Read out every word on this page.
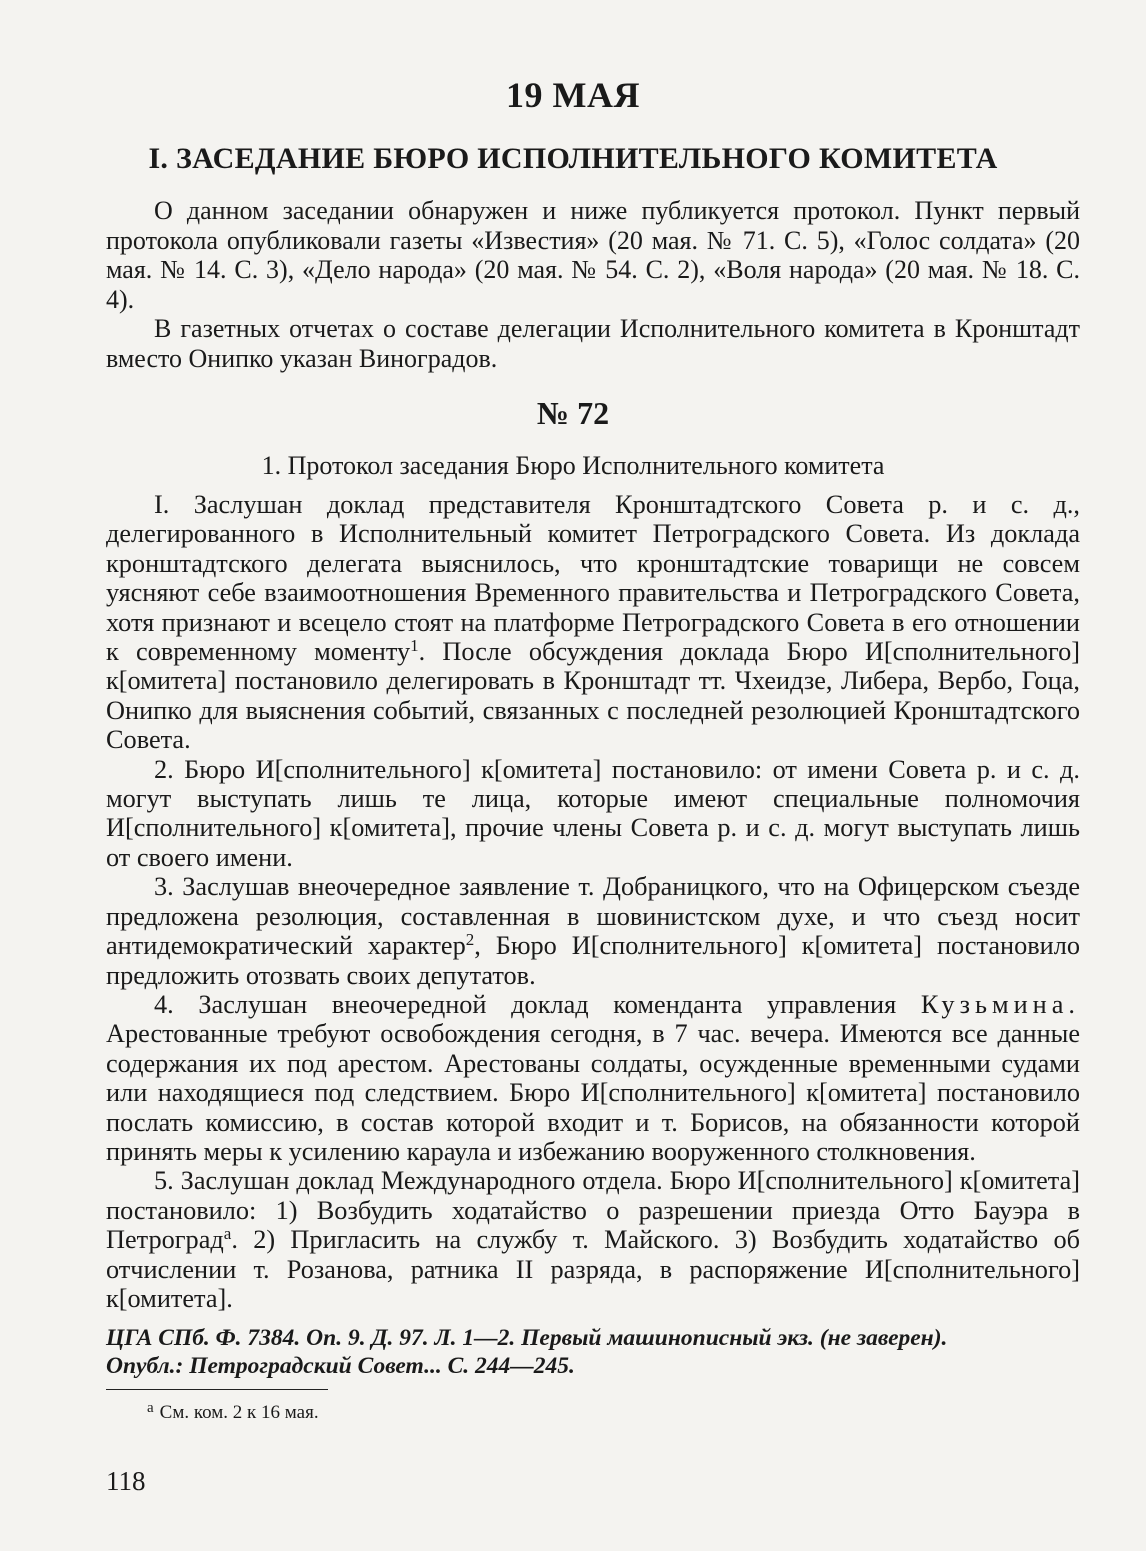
19 МАЯ
I. ЗАСЕДАНИЕ БЮРО ИСПОЛНИТЕЛЬНОГО КОМИТЕТА

О данном заседании обнаружен и ниже публикуется протокол. Пункт первый протокола опубликовали газеты «Известия» (20 мая. № 71. С. 5), «Голос солдата» (20 мая. № 14. С. 3), «Дело народа» (20 мая. № 54. С. 2), «Воля народа» (20 мая. № 18. С. 4).

В газетных отчетах о составе делегации Исполнительного комитета в Кронштадт вместо Онипко указан Виноградов.

№ 72
1. Протокол заседания Бюро Исполнительного комитета

I. Заслушан доклад представителя Кронштадтского Совета р. и с. д., делегированного в Исполнительный комитет Петроградского Совета. Из доклада кронштадтского делегата выяснилось, что кронштадтские товарищи не совсем уясняют себе взаимоотношения Временного правительства и Петроградского Совета, хотя признают и всецело стоят на платформе Петроградского Совета в его отношении к современному моменту$^1$. После обсуждения доклада Бюро И[сполнительного] к[омитета] постановило делегировать в Кронштадт тт. Чхеидзе, Либера, Вербо, Гоца, Онипко для выяснения событий, связанных с последней резолюцией Кронштадтского Совета.

2. Бюро И[сполнительного] к[омитета] постановило: от имени Совета р. и с. д. могут выступать лишь те лица, которые имеют специальные полномочия И[сполнительного] к[омитета], прочие члены Совета р. и с. д. могут выступать лишь от своего имени.

3. Заслушав внеочередное заявление т. Добраницкого, что на Офицерском съезде предложена резолюция, составленная в шовинистском духе, и что съезд носит антидемократический характер$^2$, Бюро И[сполнительного] к[омитета] постановило предложить отозвать своих депутатов.

4. Заслушан внеочередной доклад коменданта управления Кузьмина. Арестованные требуют освобождения сегодня, в 7 час. вечера. Имеются все данные содержания их под арестом. Арестованы солдаты, осужденные временными судами или находящиеся под следствием. Бюро И[сполнительного] к[омитета] постановило послать комиссию, в состав которой входит и т. Борисов, на обязанности которой принять меры к усилению караула и избежанию вооруженного столкновения.

5. Заслушан доклад Международного отдела. Бюро И[сполнительного] к[омитета] постановило: 1) Возбудить ходатайство о разрешении приезда Отто Бауэра в Петроград$^а$. 2) Пригласить на службу т. Майского. 3) Возбудить ходатайство об отчислении т. Розанова, ратника II разряда, в распоряжение И[сполнительного] к[омитета].

ЦГА СПб. Ф. 7384. Оп. 9. Д. 97. Л. 1—2. Первый машинописный экз. (не заверен).
Опубл.: Петроградский Совет... С. 244—245.
$^а$ См. ком. 2 к 16 мая.
118
